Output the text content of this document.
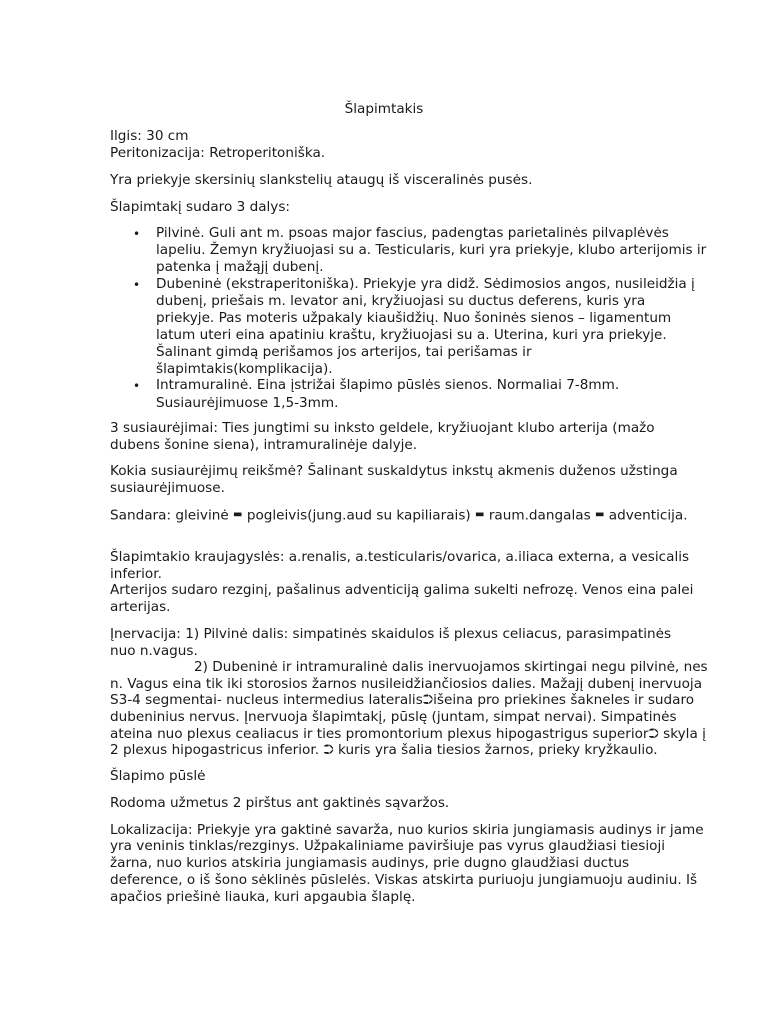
Šlapimtakis
Ilgis: 30 cm
Peritonizacija: Retroperitoniška.
Yra priekyje skersinių slankstelių ataugų iš visceralinės pusės.
Šlapimtakį sudaro 3 dalys:
• Pilvinė. Guli ant m. psoas major fascius, padengtas parietalinės pilvaplėvės
lapeliu. Žemyn kryžiuojasi su a. Testicularis, kuri yra priekyje, klubo arterijomis ir
patenka į mažąjį dubenį.
• Dubeninė (ekstraperitoniška). Priekyje yra didž. Sėdimosios angos, nusileidžia į
dubenį, priešais m. levator ani, kryžiuojasi su ductus deferens, kuris yra
priekyje. Pas moteris užpakaly kiaušidžių. Nuo šoninės sienos – ligamentum
latum uteri eina apatiniu kraštu, kryžiuojasi su a. Uterina, kuri yra priekyje.
Šalinant gimdą perišamos jos arterijos, tai perišamas ir
šlapimtakis(komplikacija).
• Intramuralinė. Eina įstrižai šlapimo pūslės sienos. Normaliai 7-8mm.
Susiaurėjimuose 1,5-3mm.
3 susiaurėjimai: Ties jungtimi su inksto geldele, kryžiuojant klubo arterija (mažo
dubens šonine siena), intramuralinėje dalyje.
Kokia susiaurėjimų reikšmė? Šalinant suskaldytus inkstų akmenis duženos užstinga
susiaurėjimuose.
Sandara: gleivinė ▬ pogleivis(jung.aud su kapiliarais) ▬ raum.dangalas ▬ adventicija.
Šlapimtakio kraujagyslės: a.renalis, a.testicularis/ovarica, a.iliaca externa, a vesicalis
inferior.
Arterijos sudaro rezginį, pašalinus adventiciją galima sukelti nefrozę. Venos eina palei
arterijas.
Įnervacija: 1) Pilvinė dalis: simpatinės skaidulos iš plexus celiacus, parasimpatinės
nuo n.vagus.
2) Dubeninė ir intramuralinė dalis inervuojamos skirtingai negu pilvinė, nes
n. Vagus eina tik iki storosios žarnos nusileidžiančiosios dalies. Mažajį dubenį inervuoja
S3-4 segmentai- nucleus intermedius lateralis⮊išeina pro priekines šakneles ir sudaro
dubeninius nervus. Įnervuoja šlapimtakį, pūslę (juntam, simpat nervai). Simpatinės
ateina nuo plexus cealiacus ir ties promontorium plexus hipogastrigus superior⮊ skyla į
2 plexus hipogastricus inferior. ⮊ kuris yra šalia tiesios žarnos, prieky kryžkaulio.
Šlapimo pūslė
Rodoma užmetus 2 pirštus ant gaktinės sąvaržos.
Lokalizacija: Priekyje yra gaktinė savarža, nuo kurios skiria jungiamasis audinys ir jame
yra veninis tinklas/rezginys. Užpakaliniame paviršiuje pas vyrus glaudžiasi tiesioji
žarna, nuo kurios atskiria jungiamasis audinys, prie dugno glaudžiasi ductus
deference, o iš šono sėklinės pūslelės. Viskas atskirta puriuoju jungiamuoju audiniu. Iš
apačios priešinė liauka, kuri apgaubia šlaplę.
